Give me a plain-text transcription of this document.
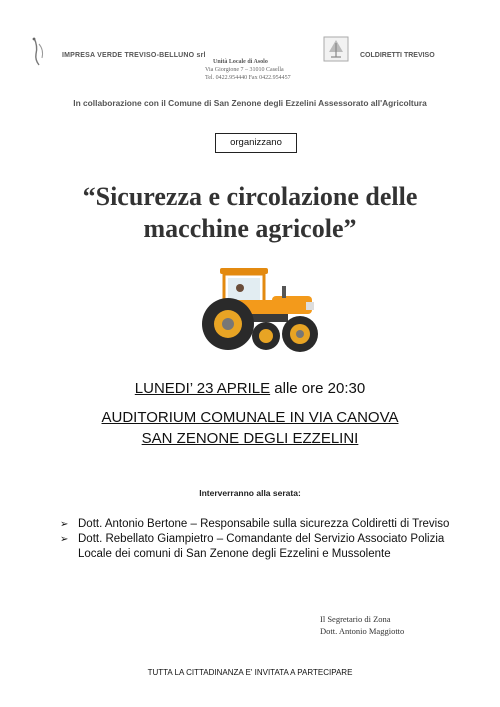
IMPRESA VERDE TREVISO-BELLUNO srl
Unità Locale di Asolo
Via Giorgione 7 – 31010 Casella
Tel. 0422.954440 Fax 0422.954457
COLDIRETTI TREVISO
In collaborazione con il Comune di San Zenone degli Ezzelini Assessorato all'Agricoltura
organizzano
“Sicurezza e circolazione delle
macchine agricole”
LUNEDI’ 23 APRILE alle ore 20:30
AUDITORIUM COMUNALE IN VIA CANOVA
SAN ZENONE DEGLI EZZELINI
Interverranno alla serata:
➢ Dott. Antonio Bertone – Responsabile sulla sicurezza Coldiretti di Treviso
➢ Dott. Rebellato Giampietro – Comandante del Servizio Associato Polizia Locale dei comuni di San Zenone degli Ezzelini e Mussolente
Il Segretario di Zona
Dott. Antonio Maggiotto
TUTTA LA CITTADINANZA E' INVITATA A PARTECIPARE
